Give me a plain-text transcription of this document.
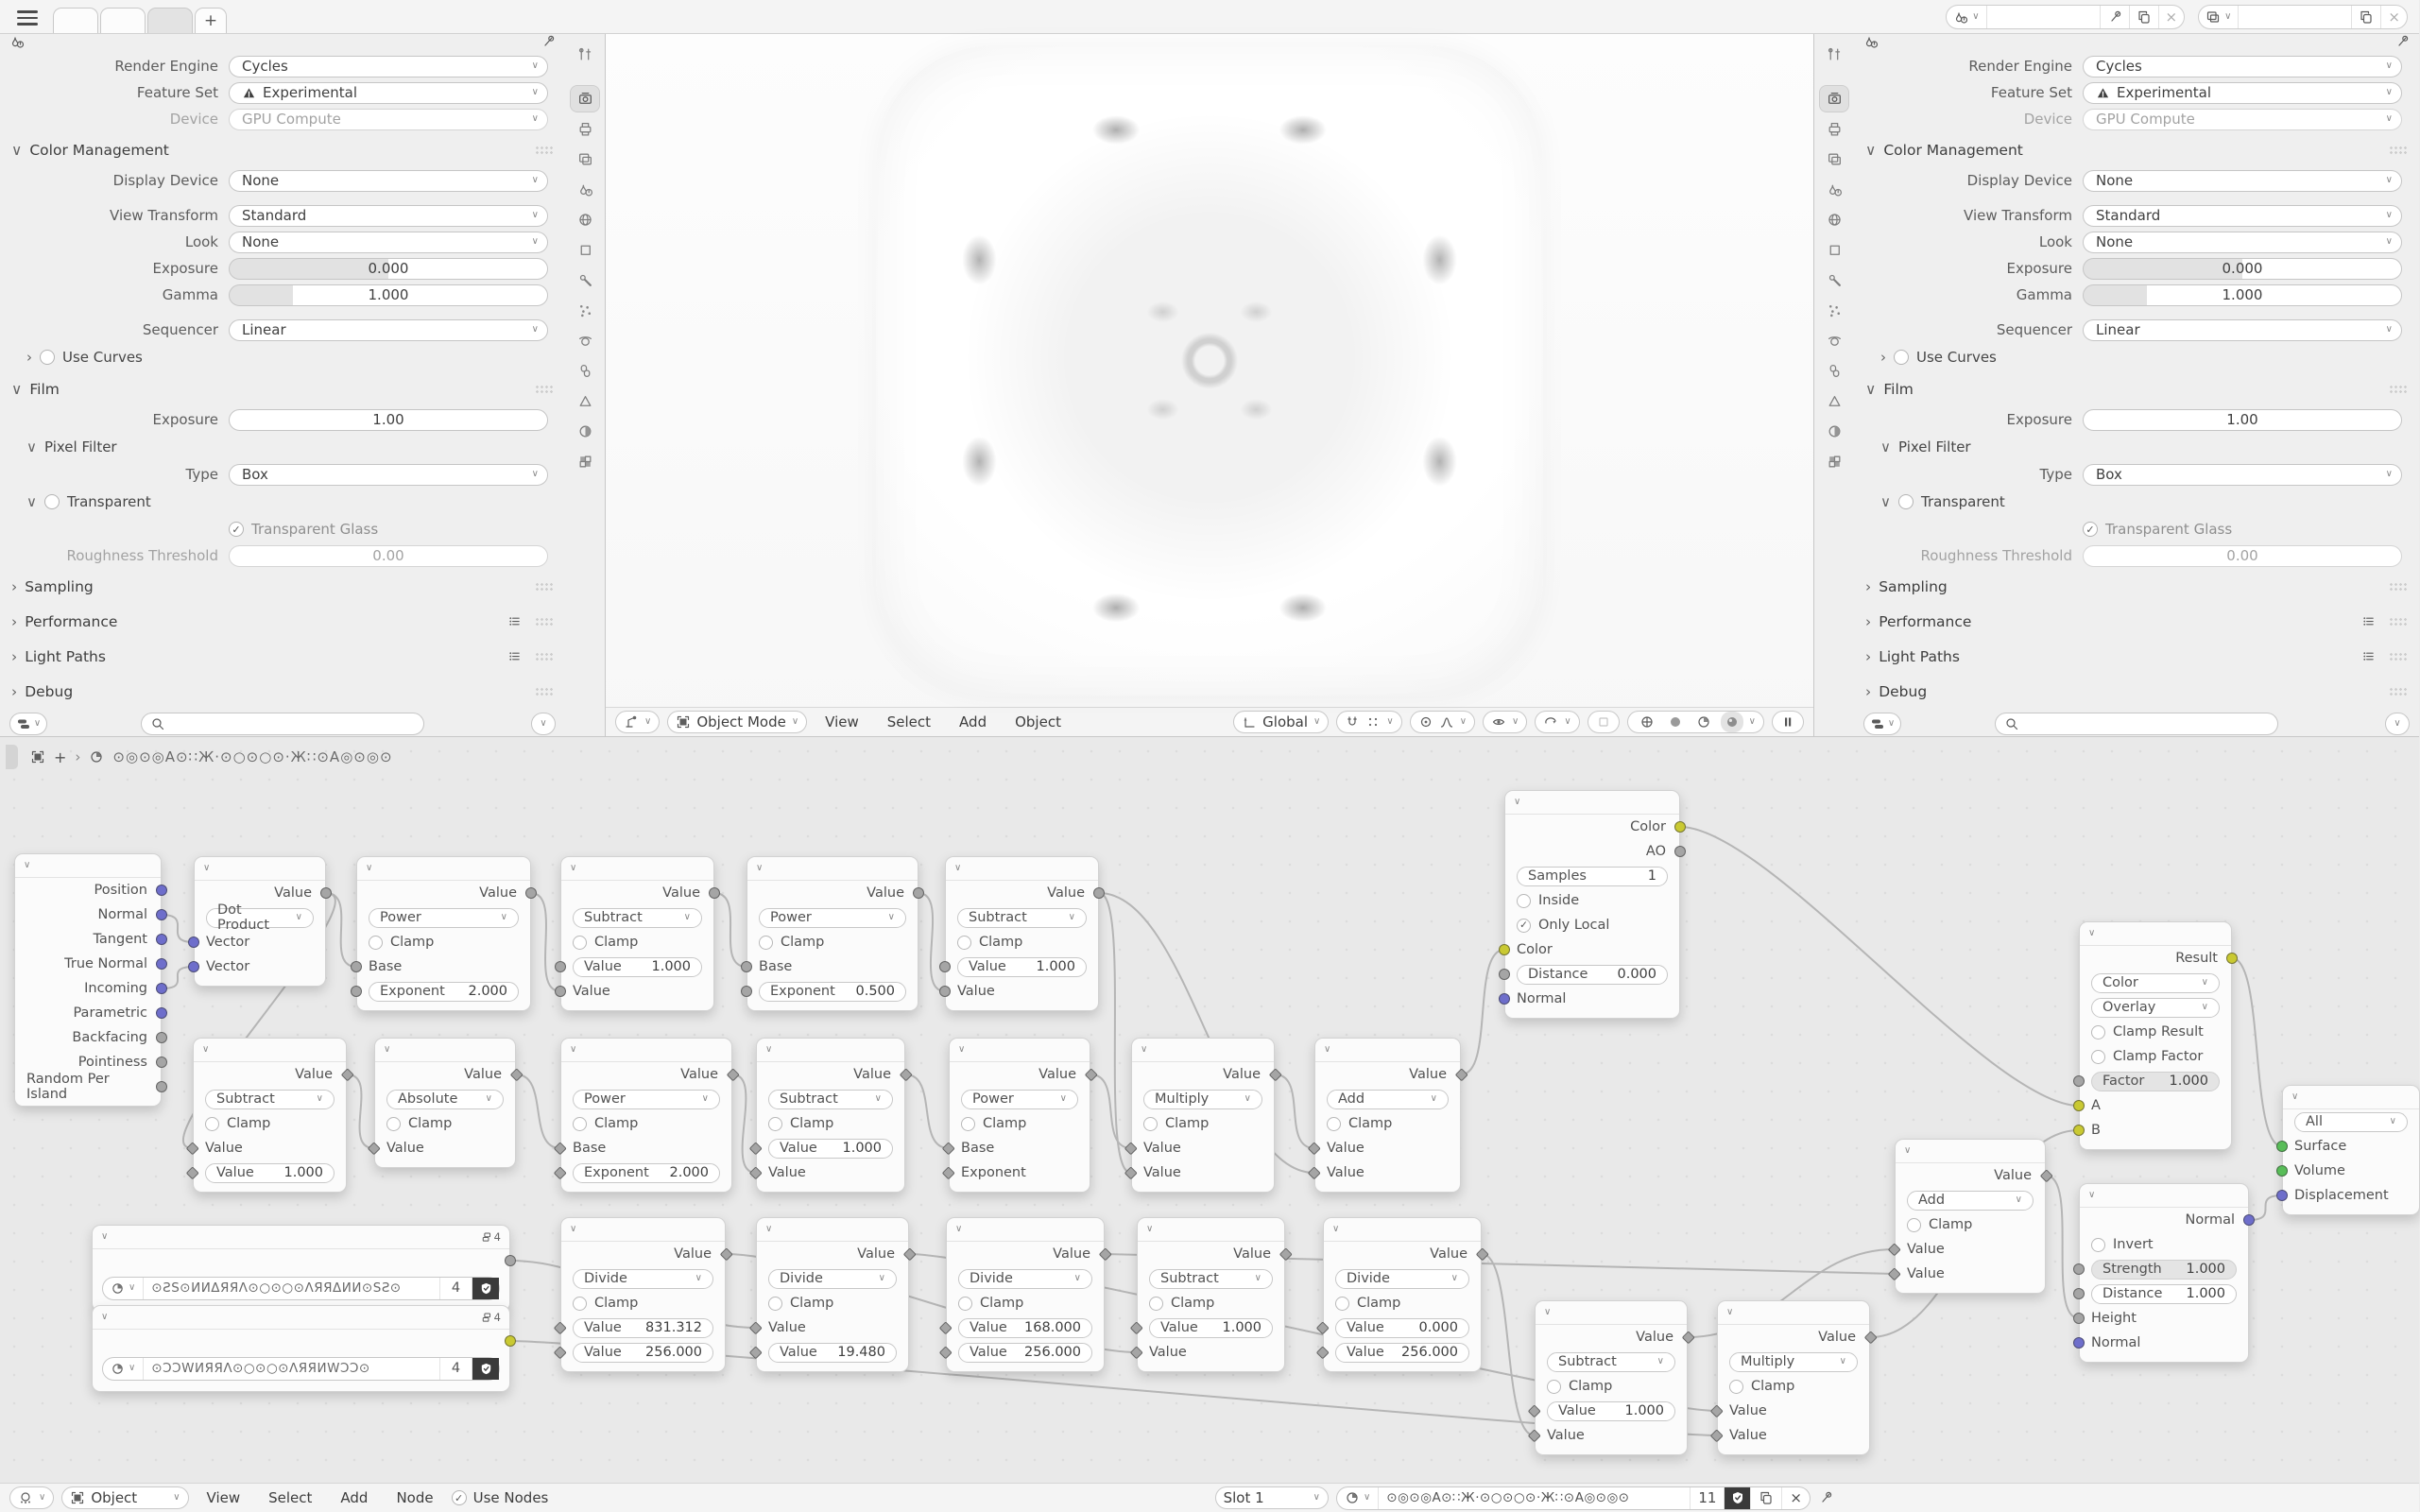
+	∨	×	∨	×
Render Engine	Cycles	∨
Feature Set	Experimental	∨
Device	GPU Compute	∨
∨ Color Management
Display Device	None	∨
View Transform	Standard	∨
Look	None	∨
Exposure	0.000
Gamma	1.000
Sequencer	Linear	∨
› Use Curves
∨ Film
Exposure	1.00
∨ Pixel Filter
Type	Box	∨
∨ Transparent
✓ Transparent Glass
Roughness Threshold	0.00
› Sampling
› Performance
› Light Paths
› Debug
∨	∨	∨	Object Mode ∨	View	Select	Add	Object	Global ∨	∨	∨	∨	∨	∨
Render Engine	Cycles	∨
Feature Set	Experimental	∨
Device	GPU Compute	∨
∨ Color Management
Display Device	None	∨
View Transform	Standard	∨
Look	None	∨
Exposure	0.000
Gamma	1.000
Sequencer	Linear	∨
› Use Curves
∨ Film
Exposure	1.00
∨ Pixel Filter
Type	Box	∨
∨ Transparent
✓ Transparent Glass
Roughness Threshold	0.00
› Sampling
› Performance
› Light Paths
› Debug
∨	∨
+ › ⊙◎⊙◎A⊙∷Ж·⊙○⊙○⊙·Ж∷⊙A◎⊙◎⊙
∨
Position
Normal
Tangent
True Normal
Incoming
Parametric
Backfacing
Pointiness
Random Per Island
∨
Value
Dot Product
∨
Vector
Vector
∨
Value
Power	∨
Clamp
Base
Exponent 2.000
∨
Value
Subtract	∨
Clamp
Value 1.000
Value
∨
Value
Power	∨
Clamp
Base
Exponent 0.500
∨
Value
Subtract	∨
Clamp
Value 1.000
Value
∨
Value
Subtract	∨
Clamp
Value
Value 1.000
∨
Value
Absolute	∨
Clamp
Value
∨
Value
Power	∨
Clamp
Base
Exponent 2.000
∨
Value
Subtract	∨
Clamp
Value 1.000
Value
∨
Value
Power	∨
Clamp
Base
Exponent
∨
Value
Multiply	∨
Clamp
Value
Value
∨
Value
Add	∨
Clamp
Value
Value
∨	4
∨	⊙ƧS⊙ИИΔЯЯΛ⊙○⊙○⊙ΛЯЯΔИИ⊙SƧ⊙	4
∨	4
∨	⊙ƆƆWИЯЯΛ⊙○⊙○⊙ΛЯЯИWƆƆ⊙	4
∨
Value
Divide	∨
Clamp
Value 831.312
Value 256.000
∨
Value
Divide	∨
Clamp
Value
Value 19.480
∨
Value
Divide	∨
Clamp
Value 168.000
Value 256.000
∨
Value
Subtract	∨
Clamp
Value 1.000
Value
∨
Value
Divide	∨
Clamp
Value	0.000
Value 256.000
∨
Value
Subtract	∨
Clamp
Value 1.000
Value
∨
Value
Multiply	∨
Clamp
Value
Value
∨
Color
AO
Samples	1
Inside
✓ Only Local
Color
Distance 0.000
Normal
∨
Value
Add	∨
Clamp
Value
Value
∨
Result
Color	∨
Overlay	∨
Clamp Result
Clamp Factor
Factor 1.000
A
B
∨
Normal
Invert
Strength 1.000
Distance 1.000
Height
Normal
∨
All	∨
Surface
Volume
Displacement
∨	Object	∨	View	Select	Add	Node	✓ Use Nodes	Slot 1	∨	∨	⊙◎⊙◎A⊙∷Ж·⊙○⊙○⊙·Ж∷⊙A◎⊙◎⊙	11	×
